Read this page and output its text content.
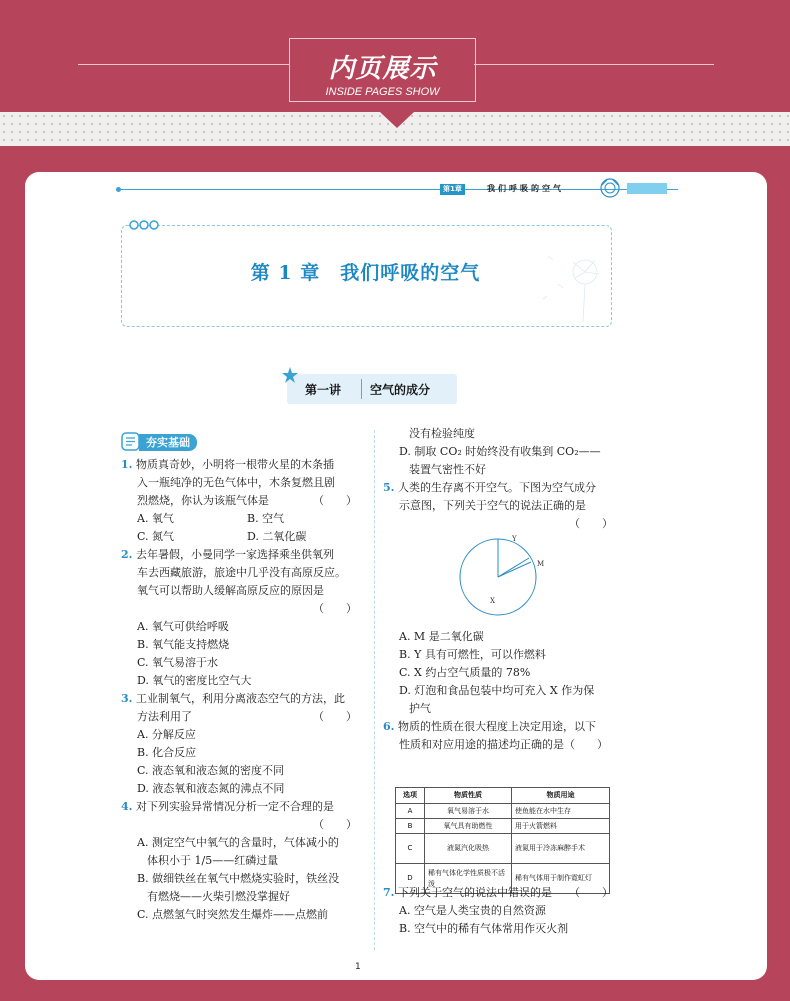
内页展示
INSIDE PAGES SHOW
第1章	我们呼吸的空气
第 1 章　我们呼吸的空气
第一讲 空气的成分
夯实基础
1. 物质真奇妙，小明将一根带火星的木条插
入一瓶纯净的无色气体中，木条复燃且剧
烈燃烧，你认为该瓶气体是	（　　）
A. 氧气	B. 空气
C. 氮气	D. 二氧化碳
2. 去年暑假，小曼同学一家选择乘坐供氧列
车去西藏旅游，旅途中几乎没有高原反应。
氧气可以帮助人缓解高原反应的原因是
（　　）
A. 氧气可供给呼吸
B. 氧气能支持燃烧
C. 氧气易溶于水
D. 氧气的密度比空气大
3. 工业制氧气，利用分离液态空气的方法，此
方法利用了	（　　）
A. 分解反应
B. 化合反应
C. 液态氧和液态氮的密度不同
D. 液态氧和液态氮的沸点不同
4. 对下列实验异常情况分析一定不合理的是
（　　）
A. 测定空气中氧气的含量时，气体减小的
体积小于 1/5——红磷过量
B. 做细铁丝在氧气中燃烧实验时，铁丝没
有燃烧——火柴引燃没掌握好
C. 点燃氢气时突然发生爆炸——点燃前
没有检验纯度
D. 制取 CO₂ 时始终没有收集到 CO₂——
装置气密性不好
5. 人类的生存离不开空气。下图为空气成分
示意图，下列关于空气的说法正确的是
（　　）
Y
M
X
A. M 是二氧化碳
B. Y 具有可燃性，可以作燃料
C. X 约占空气质量的 78%
D. 灯泡和食品包装中均可充入 X 作为保
护气
6. 物质的性质在很大程度上决定用途，以下
性质和对应用途的描述均正确的是（　　）
选项	物质性质	物质用途
A	氧气易溶于水	使鱼能在水中生存
B	氧气具有助燃性	用于火箭燃料
C	液氮汽化吸热	液氮用于冷冻麻醉手术
D	稀有气体化学性质极不活泼	稀有气体用于制作霓虹灯
7. 下列关于空气的说法中错误的是 （　　）
A. 空气是人类宝贵的自然资源
B. 空气中的稀有气体常用作灭火剂
1
